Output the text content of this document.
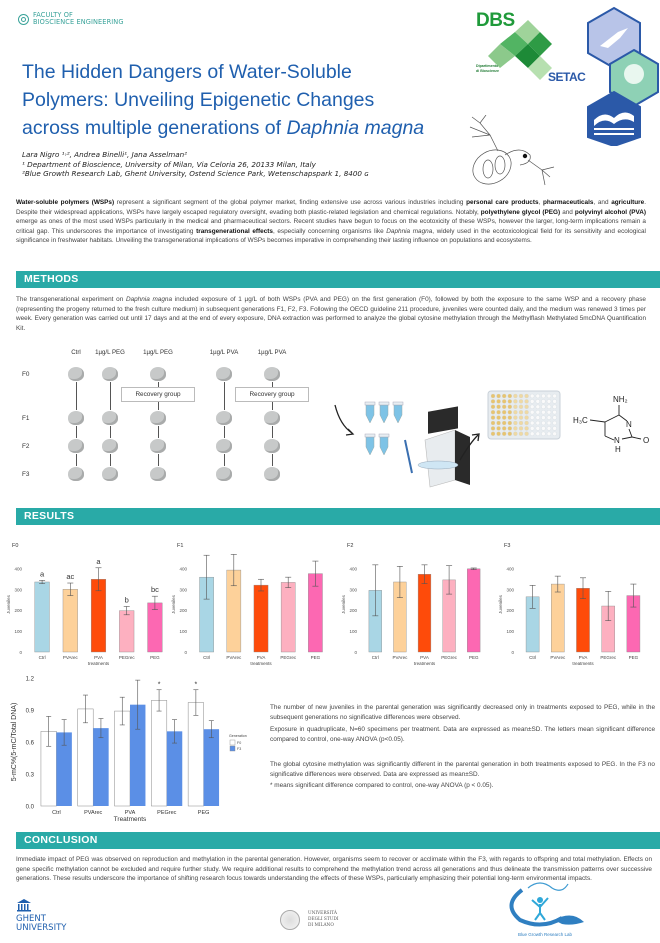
FACULTY OF
BIOSCIENCE ENGINEERING
The Hidden Dangers of Water-Soluble
Polymers: Unveiling Epigenetic Changes
across multiple generations of Daphnia magna
DBS
Dipartimento
di Bioscienze	SETAC
Lara Nigro ¹˒², Andrea Binelli¹, Jana Asselman²
¹ Department of Bioscience, University of Milan, Via Celoria 26, 20133 Milan, Italy
²Blue Growth Research Lab, Ghent University, Ostend Science Park, Wetenschapspark 1, 8400 ɢ
Water-soluble polymers (WSPs) represent a significant segment of the global polymer market, finding extensive use across various industries including personal care products, pharmaceuticals, and agriculture. Despite their widespread applications, WSPs have largely escaped regulatory oversight, evading both plastic-related legislation and chemical regulations. Notably, polyethylene glycol (PEG) and polyvinyl alcohol (PVA) emerge as ones of the most used WSPs particularly in the medical and pharmaceutical sectors. Recent studies have begun to focus on the ecotoxicity of these WSPs, however the larger, long-term implications remain a critical gap. This underscores the importance of investigating transgenerational effects, especially concerning organisms like Daphnia magna, widely used in the ecotoxicological field for its sensitivity and ecological significance in freshwater habitats. Unveiling the transgenerational implications of WSPs becomes imperative in comprehending their lasting influence on populations and ecosystems.
METHODS
The transgenerational experiment on Daphnia magna included exposure of 1 µg/L of both WSPs (PVA and PEG) on the first generation (F0), followed by both the exposure to the same WSP and a recovery phase (representing the progeny returned to the fresh culture medium) in subsequent generations F1, F2, F3. Following the OECD guideline 211 procedure, juveniles were counted daily, and the medium was renewed 3 times per week. Every generation was carried out until 17 days and at the end of every exposure, DNA extraction was performed to analyze the global cytosine methylation through the Methylflash Methylated 5mcDNA Quantification Kit.
Ctrl	1µg/L PEG	1µg/L PEG	1µg/L PVA	1µg/L PVA
F0
F1
F2
F3
Recovery group	Recovery group
NH₂
H₃C	N
O
N
H
RESULTS
F0
0
100
200
300
400
Juveniles
Ctrl
a
PVArec
ac
PVA
a
PEGrec
b
PEG
bc
treatments
F1
0
100
200
300
400
Juveniles
Ctrl	PVArec	PVA	PEGrec	PEG
treatments
F2
0
100
200
300
400
Juveniles
Ctrl	PVArec	PVA	PEGrec	PEG
treatments
F3
0
100
200
300
400
Juveniles
Ctrl	PVArec	PVA	PEGrec	PEG
treatments
0.0
0.3
0.6
0.9
1.2
5-mC%(5-mC/Total DNA)
Ctrl	PVArec	PVA
*
PEGrec
*
PEG
Treatments
Generation
F0
F3
The number of new juveniles in the parental generation was significantly decreased only in treatments exposed to PEG, while in the subsequent generations no significative differences were observed.
Exposure in quadruplicate, N=60 specimens per treatment. Data are expressed as mean±SD. The letters mean significant difference compared to control, one-way ANOVA (p<0.05).
The global cytosine methylation was significantly different in the parental generation in both treatments exposed to PEG. In the F3 no significative differences were observed. Data are expressed as mean±SD.
* means significant difference compared to control, one-way ANOVA (p < 0.05).
CONCLUSION
Immediate impact of PEG was observed on reproduction and methylation in the parental generation. However, organisms seem to recover or acclimate within the F3, with regards to offspring and total methylation. Effects on gene specific methylation cannot be excluded and require further study. We require additional results to comprehend the methylation trend across all generations and thus delineate the transmission patterns over successive generations. These results underscore the importance of shifting research focus towards understanding the effects of these WSPs, particularly emphasizing their potential long-term environmental impacts.
GHENT
UNIVERSITY
UNIVERSITÀ
DEGLI STUDI
DI MILANO
Blue Growth Research Lab
